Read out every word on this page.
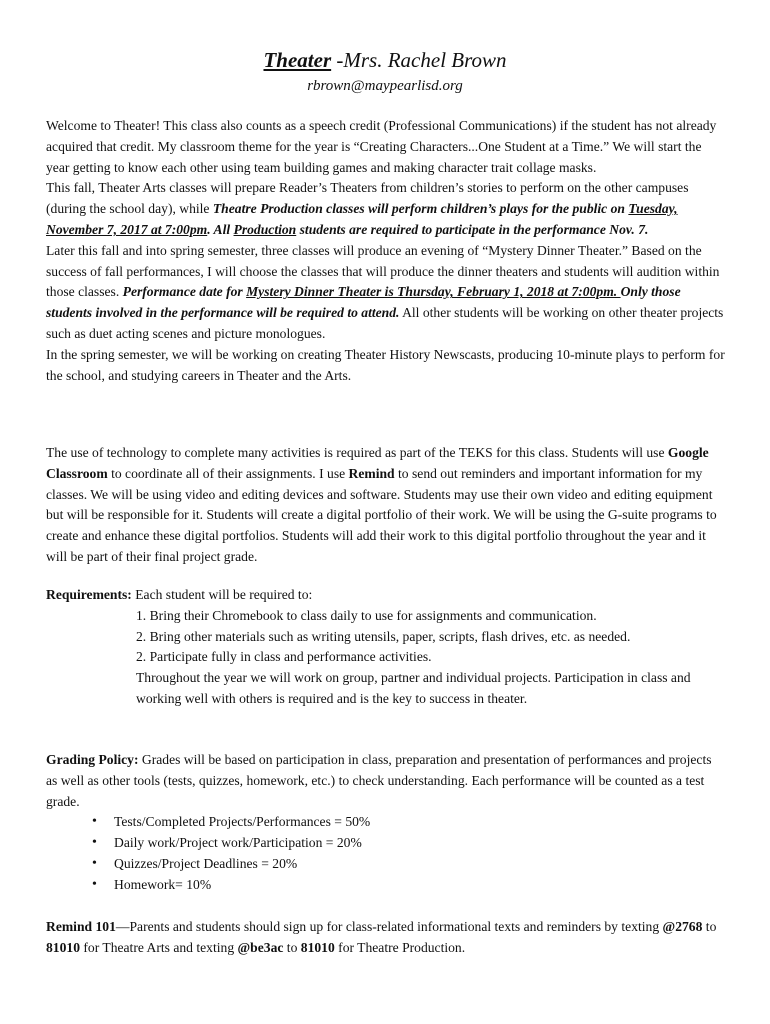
Theater -Mrs. Rachel Brown
rbrown@maypearlisd.org

Welcome to Theater! This class also counts as a speech credit (Professional Communications) if the student has not already acquired that credit. My classroom theme for the year is “Creating Characters...One Student at a Time.” We will start the year getting to know each other using team building games and making character trait collage masks.

This fall, Theater Arts classes will prepare Reader’s Theaters from children’s stories to perform on the other campuses (during the school day), while Theatre Production classes will perform children’s plays for the public on Tuesday, November 7, 2017 at 7:00pm. All Production students are required to participate in the performance Nov. 7.

Later this fall and into spring semester, three classes will produce an evening of “Mystery Dinner Theater.” Based on the success of fall performances, I will choose the classes that will produce the dinner theaters and students will audition within those classes. Performance date for Mystery Dinner Theater is Thursday, February 1, 2018 at 7:00pm. Only those students involved in the performance will be required to attend. All other students will be working on other theater projects such as duet acting scenes and picture monologues.

In the spring semester, we will be working on creating Theater History Newscasts, producing 10-minute plays to perform for the school, and studying careers in Theater and the Arts.

The use of technology to complete many activities is required as part of the TEKS for this class. Students will use Google Classroom to coordinate all of their assignments. I use Remind to send out reminders and important information for my classes. We will be using video and editing devices and software. Students may use their own video and editing equipment but will be responsible for it. Students will create a digital portfolio of their work. We will be using the G-suite programs to create and enhance these digital portfolios. Students will add their work to this digital portfolio throughout the year and it will be part of their final project grade.

Requirements: Each student will be required to:

1. Bring their Chromebook to class daily to use for assignments and communication.

2. Bring other materials such as writing utensils, paper, scripts, flash drives, etc. as needed.

2. Participate fully in class and performance activities.

Throughout the year we will work on group, partner and individual projects. Participation in class and working well with others is required and is the key to success in theater.

Grading Policy: Grades will be based on participation in class, preparation and presentation of performances and projects as well as other tools (tests, quizzes, homework, etc.) to check understanding. Each performance will be counted as a test grade.

• Tests/Completed Projects/Performances = 50%
• Daily work/Project work/Participation = 20%
• Quizzes/Project Deadlines = 20%
• Homework= 10%

Remind 101—Parents and students should sign up for class-related informational texts and reminders by texting @2768 to 81010 for Theatre Arts and texting @be3ac to 81010 for Theatre Production.
